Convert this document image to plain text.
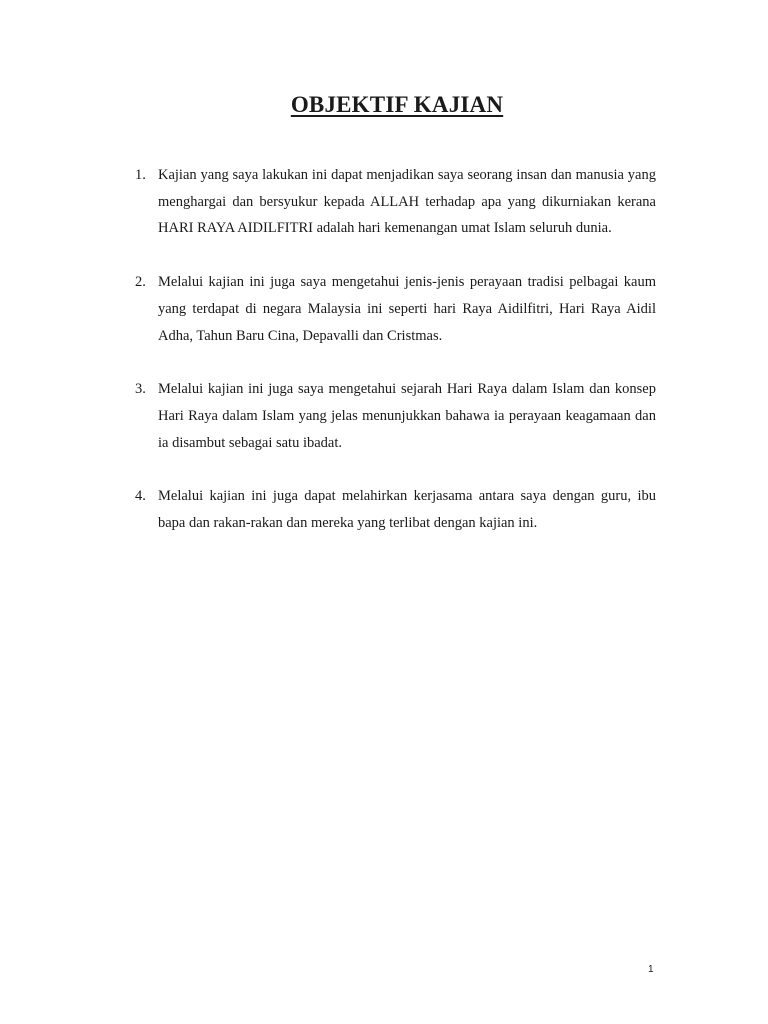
OBJEKTIF KAJIAN
1. Kajian yang saya lakukan ini dapat menjadikan saya seorang insan dan manusia yang menghargai dan bersyukur kepada ALLAH terhadap apa yang dikurniakan kerana HARI RAYA AIDILFITRI adalah hari kemenangan umat Islam seluruh dunia.

2. Melalui kajian ini juga saya mengetahui jenis-jenis perayaan tradisi pelbagai kaum yang terdapat di negara Malaysia ini seperti hari Raya Aidilfitri, Hari Raya Aidil Adha, Tahun Baru Cina, Depavalli dan Cristmas.

3. Melalui kajian ini juga saya mengetahui sejarah Hari Raya dalam Islam dan konsep Hari Raya dalam Islam yang jelas menunjukkan bahawa ia perayaan keagamaan dan ia disambut sebagai satu ibadat.

4. Melalui kajian ini juga dapat melahirkan kerjasama antara saya dengan guru, ibu bapa dan rakan-rakan dan mereka yang terlibat dengan kajian ini.

1
